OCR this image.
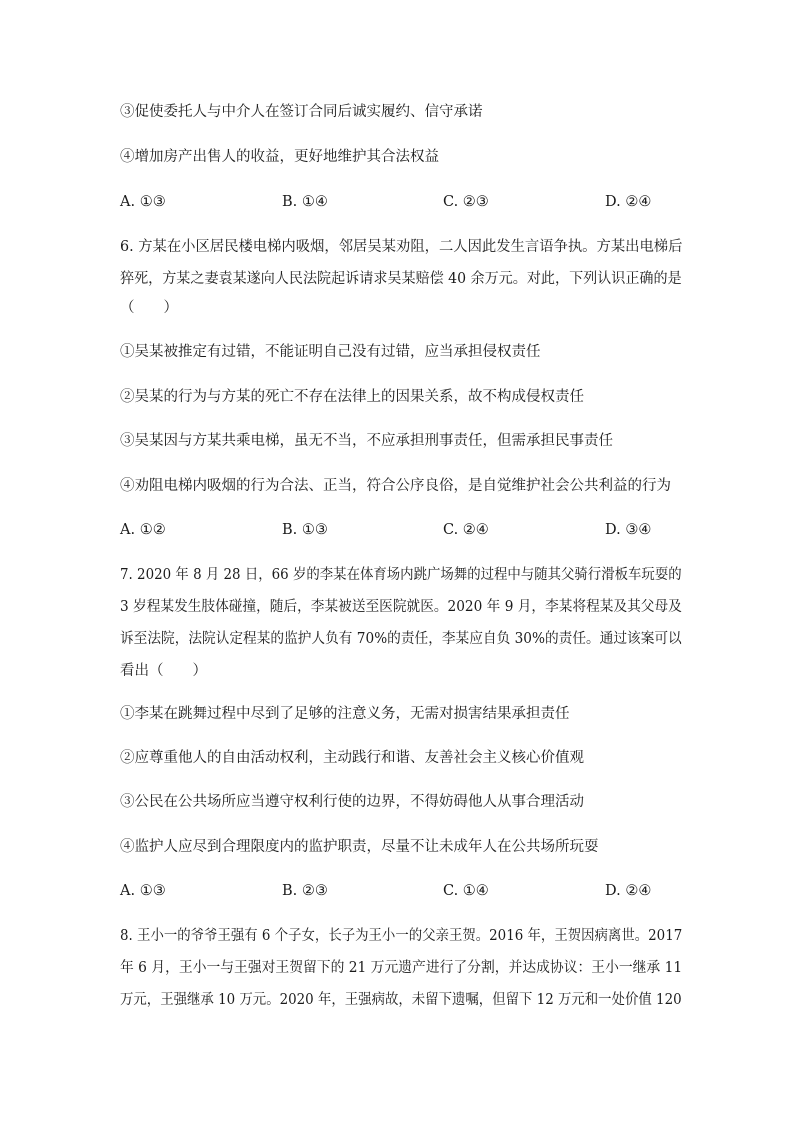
③促使委托人与中介人在签订合同后诚实履约、信守承诺
④增加房产出售人的收益，更好地维护其合法权益
A. ①③	B. ①④	C. ②③	D. ②④
6. 方某在小区居民楼电梯内吸烟，邻居吴某劝阻，二人因此发生言语争执。方某出电梯后
猝死，方某之妻袁某遂向人民法院起诉请求吴某赔偿 40 余万元。对此，下列认识正确的是
（　　）
①吴某被推定有过错，不能证明自己没有过错，应当承担侵权责任
②吴某的行为与方某的死亡不存在法律上的因果关系，故不构成侵权责任
③吴某因与方某共乘电梯，虽无不当，不应承担刑事责任，但需承担民事责任
④劝阻电梯内吸烟的行为合法、正当，符合公序良俗，是自觉维护社会公共利益的行为
A. ①②	B. ①③	C. ②④	D. ③④
7. 2020 年 8 月 28 日，66 岁的李某在体育场内跳广场舞的过程中与随其父骑行滑板车玩耍的
3 岁程某发生肢体碰撞，随后，李某被送至医院就医。2020 年 9 月，李某将程某及其父母及
诉至法院，法院认定程某的监护人负有 70%的责任，李某应自负 30%的责任。通过该案可以
看出（　　）
①李某在跳舞过程中尽到了足够的注意义务，无需对损害结果承担责任
②应尊重他人的自由活动权利，主动践行和谐、友善社会主义核心价值观
③公民在公共场所应当遵守权利行使的边界，不得妨碍他人从事合理活动
④监护人应尽到合理限度内的监护职责，尽量不让未成年人在公共场所玩耍
A. ①③	B. ②③	C. ①④	D. ②④
8. 王小一的爷爷王强有 6 个子女，长子为王小一的父亲王贺。2016 年，王贺因病离世。2017
年 6 月，王小一与王强对王贺留下的 21 万元遗产进行了分割，并达成协议：王小一继承 11
万元，王强继承 10 万元。2020 年，王强病故，未留下遗嘱，但留下 12 万元和一处价值 120
